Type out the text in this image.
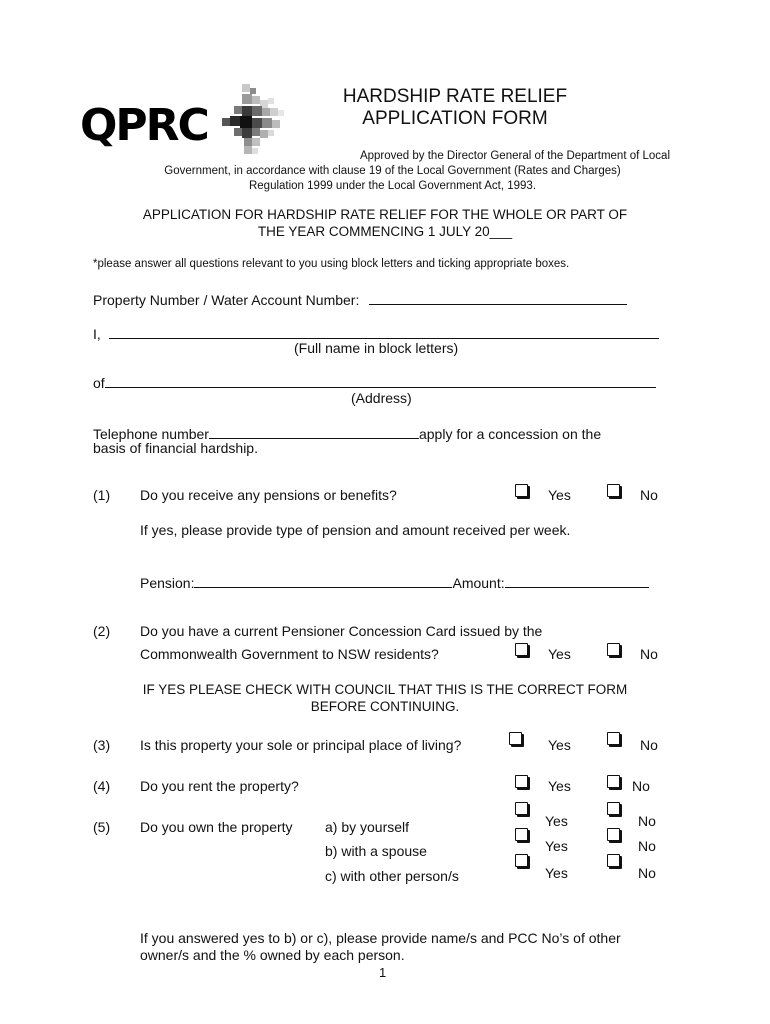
QPRC
HARDSHIP RATE RELIEF
APPLICATION FORM
Approved by the Director General of the Department of Local
Government, in accordance with clause 19 of the Local Government (Rates and Charges)
Regulation 1999 under the Local Government Act, 1993.
APPLICATION FOR HARDSHIP RATE RELIEF FOR THE WHOLE OR PART OF
THE YEAR COMMENCING 1 JULY 20___
*please answer all questions relevant to you using block letters and ticking appropriate boxes.
Property Number / Water Account Number:
I,
(Full name in block letters)
of
(Address)
Telephone number	apply for a concession on the
basis of financial hardship.
(1) Do you receive any pensions or benefits?	Yes	No
If yes, please provide type of pension and amount received per week.
Pension:	Amount:
(2) Do you have a current Pensioner Concession Card issued by the
Commonwealth Government to NSW residents?	Yes	No
IF YES PLEASE CHECK WITH COUNCIL THAT THIS IS THE CORRECT FORM
BEFORE CONTINUING.
(3) Is this property your sole or principal place of living?	Yes	No
(4) Do you rent the property?	Yes	No
(5) Do you own the property a) by yourself
b) with a spouse
c) with other person/s
Yes	No
Yes	No
Yes	No
If you answered yes to b) or c), please provide name/s and PCC No’s of other
owner/s and the % owned by each person.
1
